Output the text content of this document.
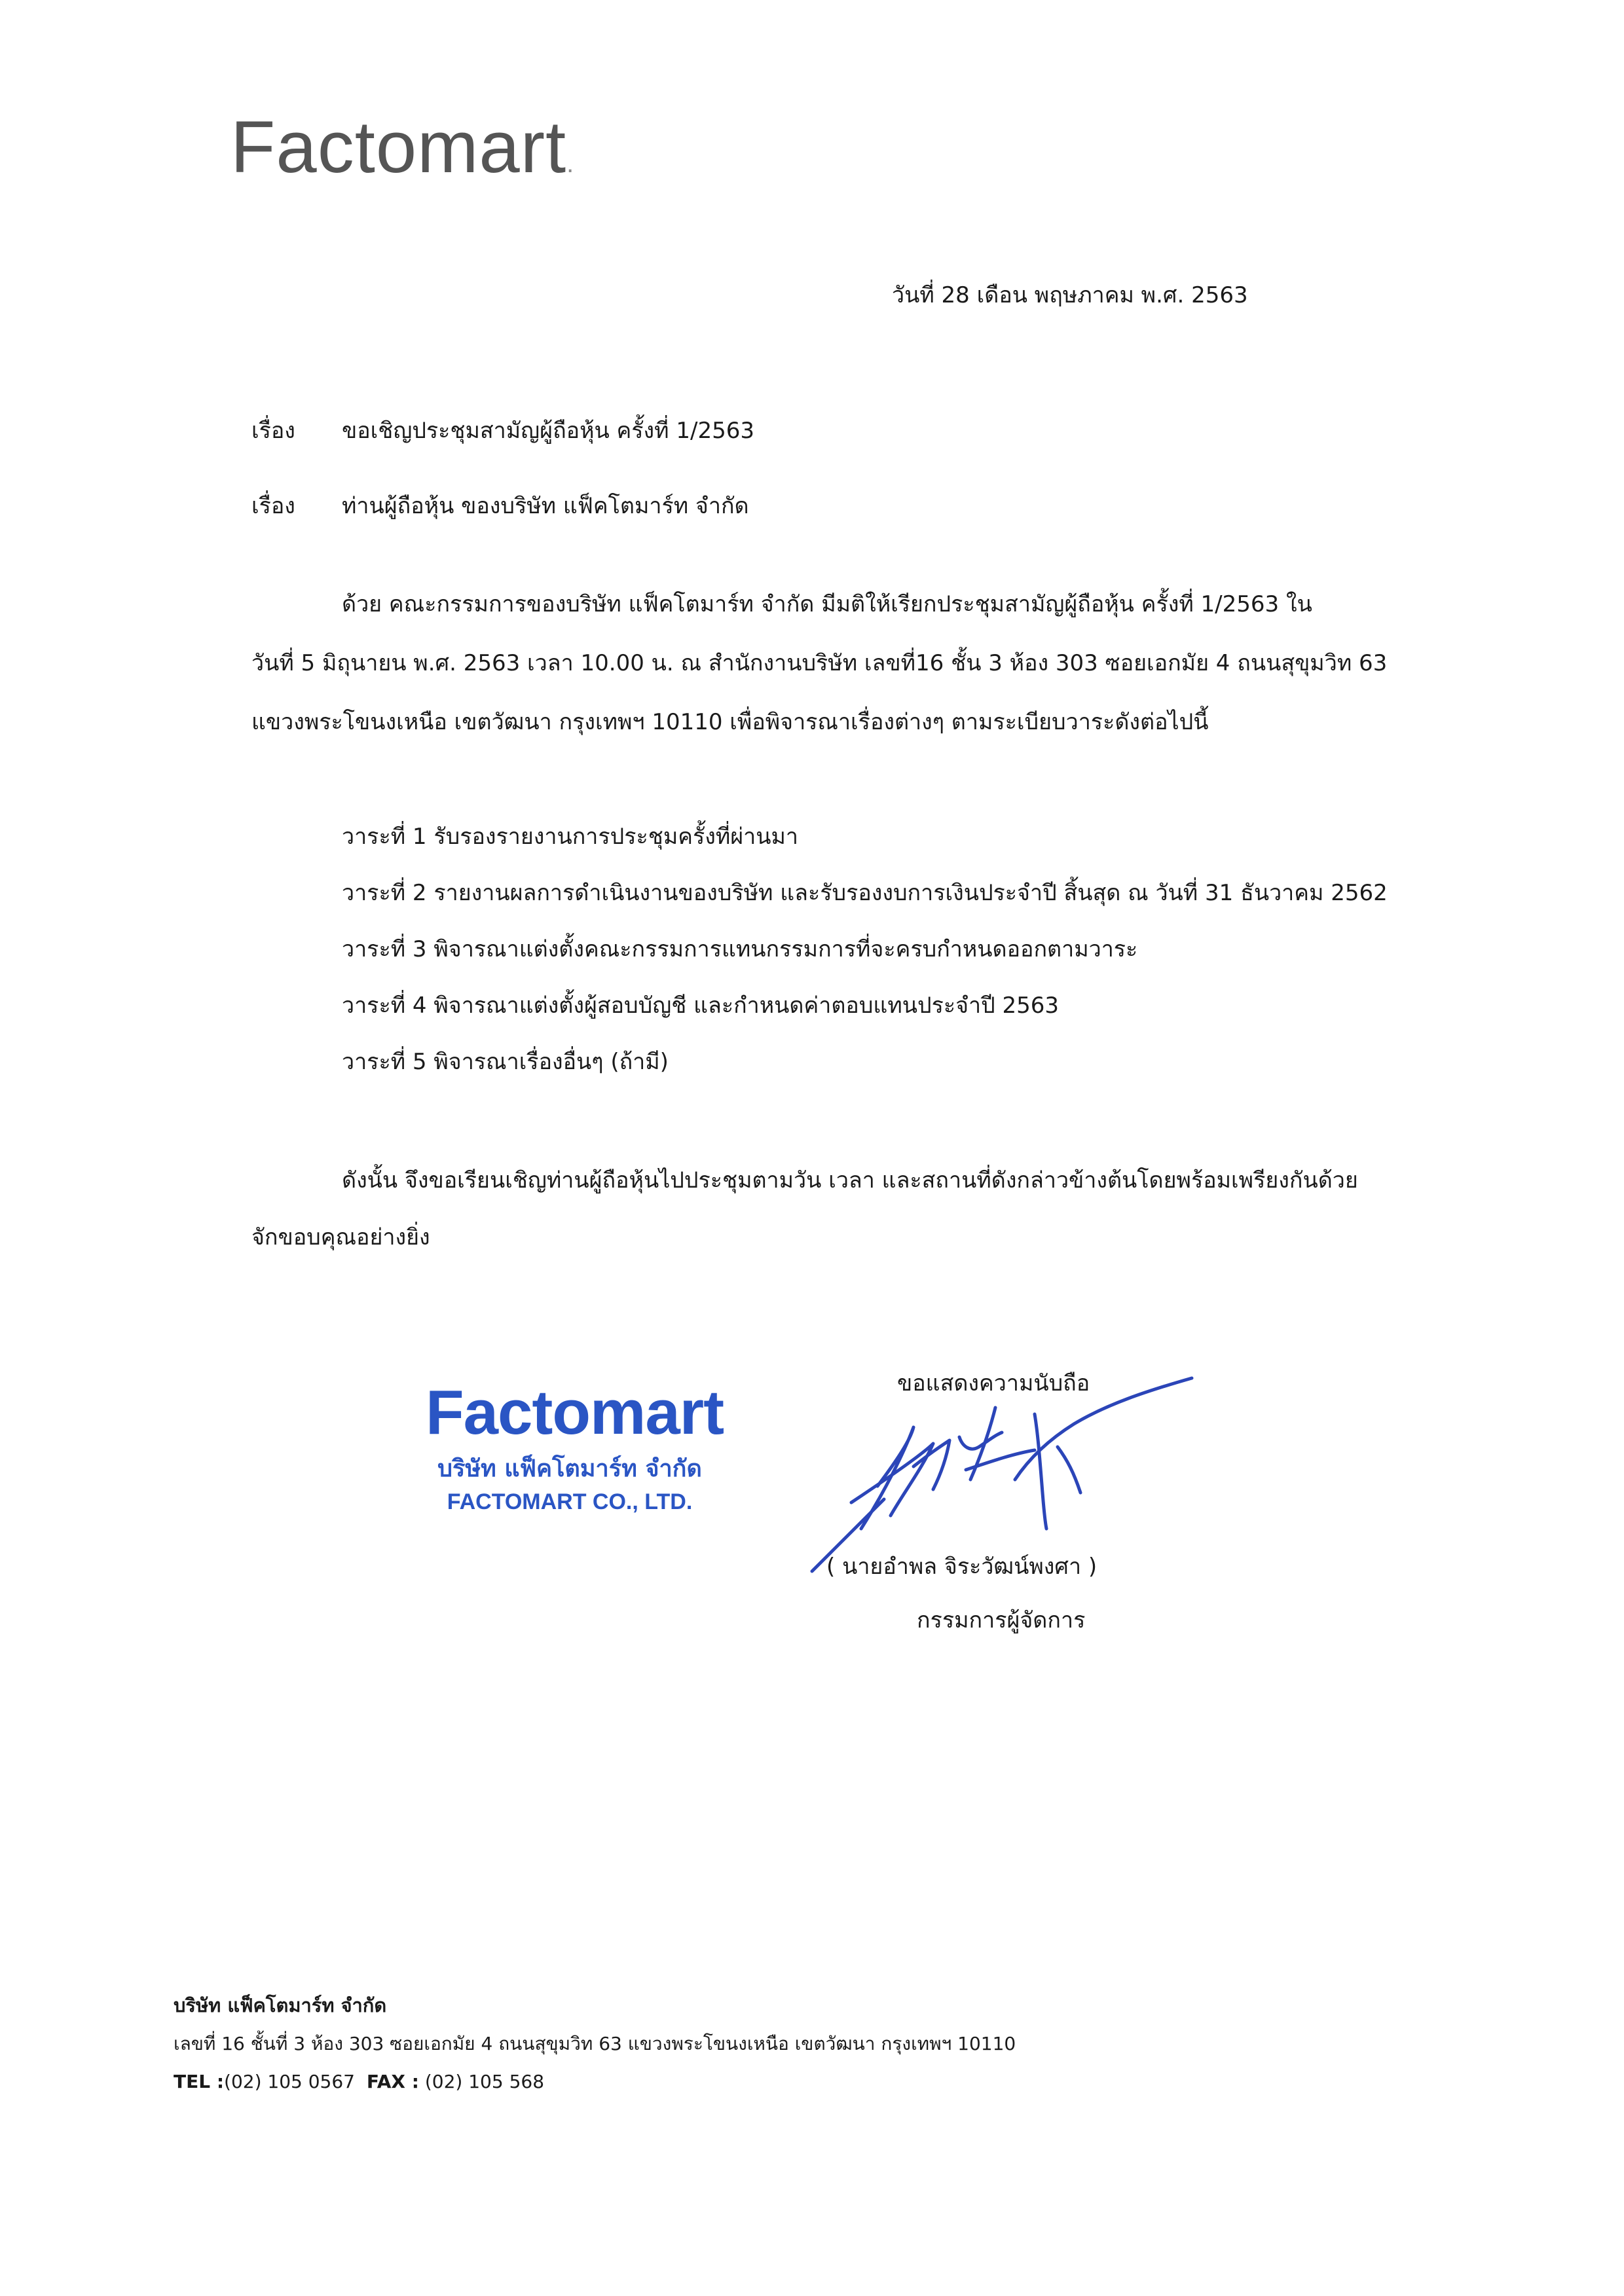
Factomart.
วันที่ 28 เดือน พฤษภาคม พ.ศ. 2563
เรื่อง ขอเชิญประชุมสามัญผู้ถือหุ้น ครั้งที่ 1/2563
เรื่อง ท่านผู้ถือหุ้น ของบริษัท แฟ็คโตมาร์ท จำกัด
ด้วย คณะกรรมการของบริษัท แฟ็คโตมาร์ท จำกัด มีมติให้เรียกประชุมสามัญผู้ถือหุ้น ครั้งที่ 1/2563 ใน
วันที่ 5 มิถุนายน พ.ศ. 2563 เวลา 10.00 น. ณ สำนักงานบริษัท เลขที่16 ชั้น 3 ห้อง 303 ซอยเอกมัย 4 ถนนสุขุมวิท 63
แขวงพระโขนงเหนือ เขตวัฒนา กรุงเทพฯ 10110 เพื่อพิจารณาเรื่องต่างๆ ตามระเบียบวาระดังต่อไปนี้
วาระที่ 1 รับรองรายงานการประชุมครั้งที่ผ่านมา
วาระที่ 2 รายงานผลการดำเนินงานของบริษัท และรับรองงบการเงินประจำปี สิ้นสุด ณ วันที่ 31 ธันวาคม 2562
วาระที่ 3 พิจารณาแต่งตั้งคณะกรรมการแทนกรรมการที่จะครบกำหนดออกตามวาระ
วาระที่ 4 พิจารณาแต่งตั้งผู้สอบบัญชี และกำหนดค่าตอบแทนประจำปี 2563
วาระที่ 5 พิจารณาเรื่องอื่นๆ (ถ้ามี)
ดังนั้น จึงขอเรียนเชิญท่านผู้ถือหุ้นไปประชุมตามวัน เวลา และสถานที่ดังกล่าวข้างต้นโดยพร้อมเพรียงกันด้วย
จักขอบคุณอย่างยิ่ง
Factomart
บริษัท แฟ็คโตมาร์ท จำกัด
FACTOMART CO., LTD.
ขอแสดงความนับถือ
( นายอำพล จิระวัฒน์พงศา )
กรรมการผู้จัดการ
บริษัท แฟ็คโตมาร์ท จำกัด
เลขที่ 16 ชั้นที่ 3 ห้อง 303 ซอยเอกมัย 4 ถนนสุขุมวิท 63 แขวงพระโขนงเหนือ เขตวัฒนา กรุงเทพฯ 10110
TEL :(02) 105 0567 FAX : (02) 105 568
